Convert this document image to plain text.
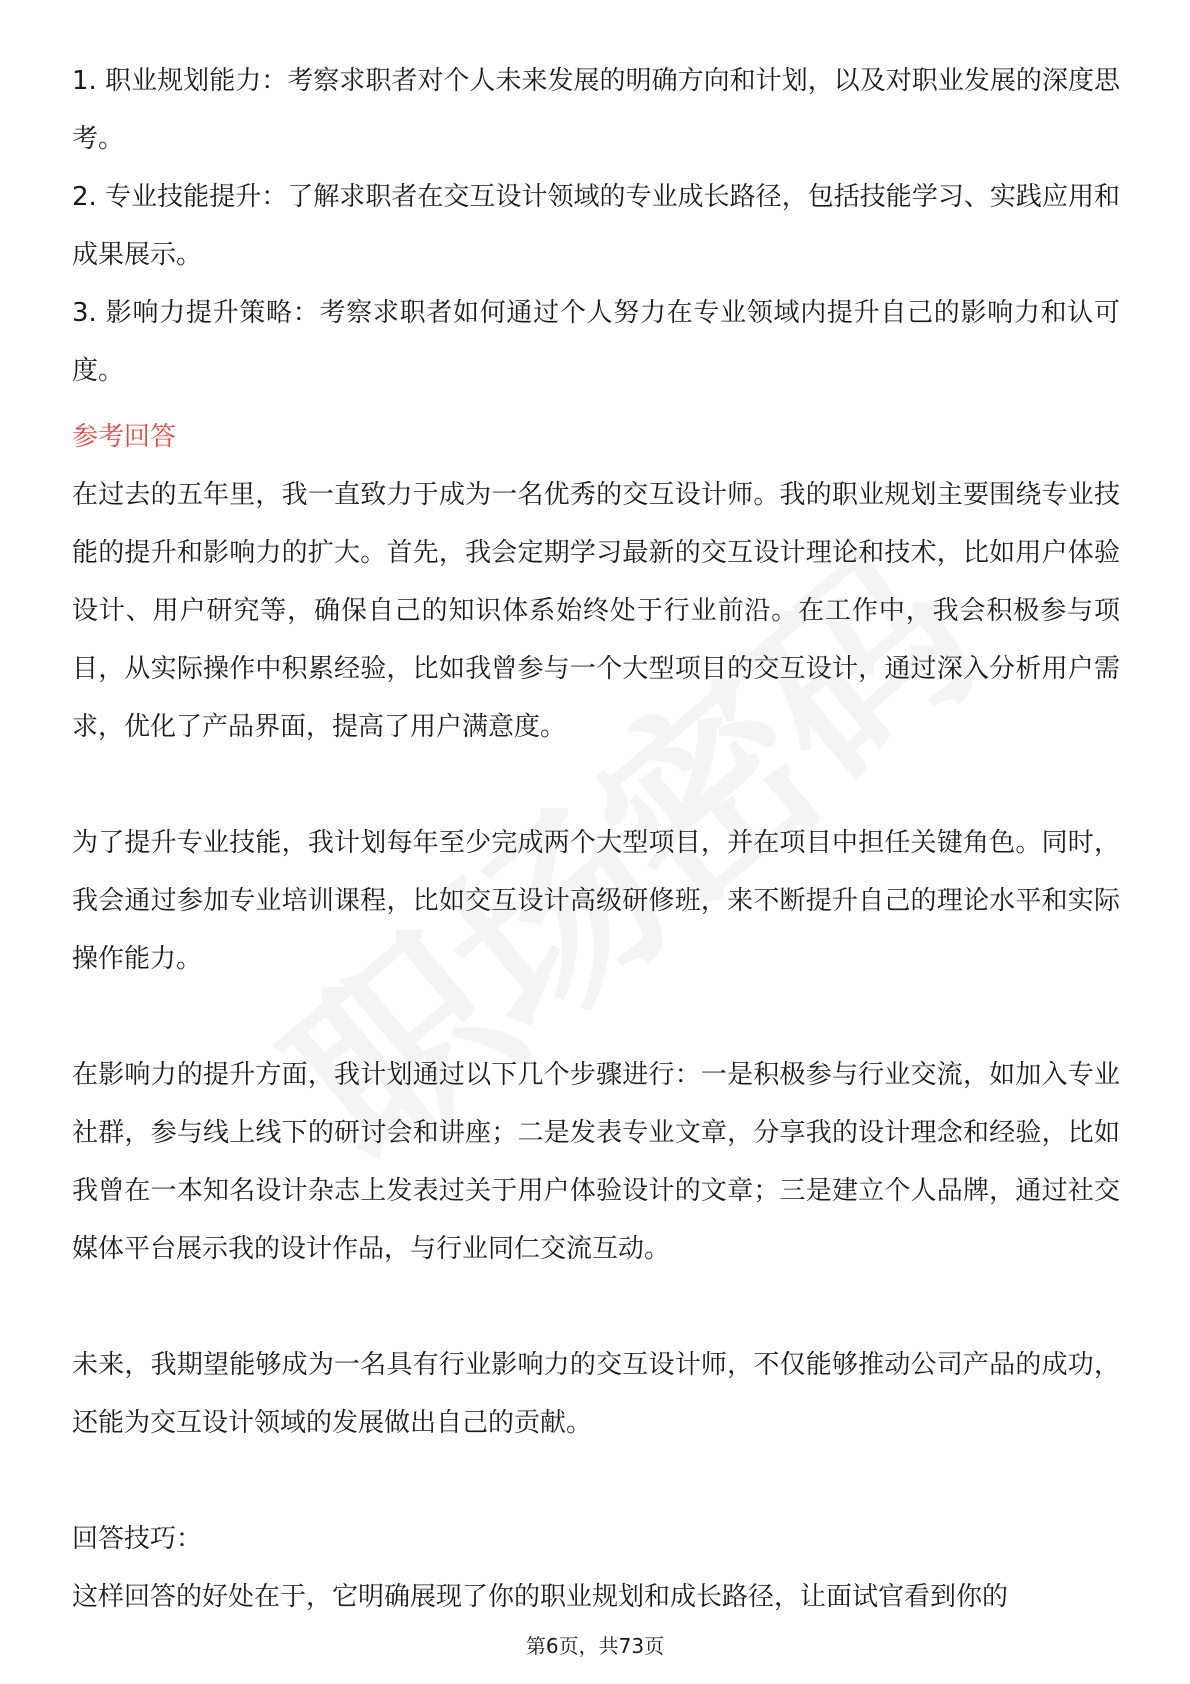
1. 职业规划能力：考察求职者对个人未来发展的明确方向和计划，以及对职业发展的深度思考。

2. 专业技能提升：了解求职者在交互设计领域的专业成长路径，包括技能学习、实践应用和成果展示。

3. 影响力提升策略：考察求职者如何通过个人努力在专业领域内提升自己的影响力和认可度。

参考回答

在过去的五年里，我一直致力于成为一名优秀的交互设计师。我的职业规划主要围绕专业技能的提升和影响力的扩大。首先，我会定期学习最新的交互设计理论和技术，比如用户体验设计、用户研究等，确保自己的知识体系始终处于行业前沿。在工作中，我会积极参与项目，从实际操作中积累经验，比如我曾参与一个大型项目的交互设计，通过深入分析用户需求，优化了产品界面，提高了用户满意度。

为了提升专业技能，我计划每年至少完成两个大型项目，并在项目中担任关键角色。同时，我会通过参加专业培训课程，比如交互设计高级研修班，来不断提升自己的理论水平和实际操作能力。

在影响力的提升方面，我计划通过以下几个步骤进行：一是积极参与行业交流，如加入专业社群，参与线上线下的研讨会和讲座；二是发表专业文章，分享我的设计理念和经验，比如我曾在一本知名设计杂志上发表过关于用户体验设计的文章；三是建立个人品牌，通过社交媒体平台展示我的设计作品，与行业同仁交流互动。

未来，我期望能够成为一名具有行业影响力的交互设计师，不仅能够推动公司产品的成功，还能为交互设计领域的发展做出自己的贡献。

回答技巧：

这样回答的好处在于，它明确展现了你的职业规划和成长路径，让面试官看到你的

第6页，共73页
